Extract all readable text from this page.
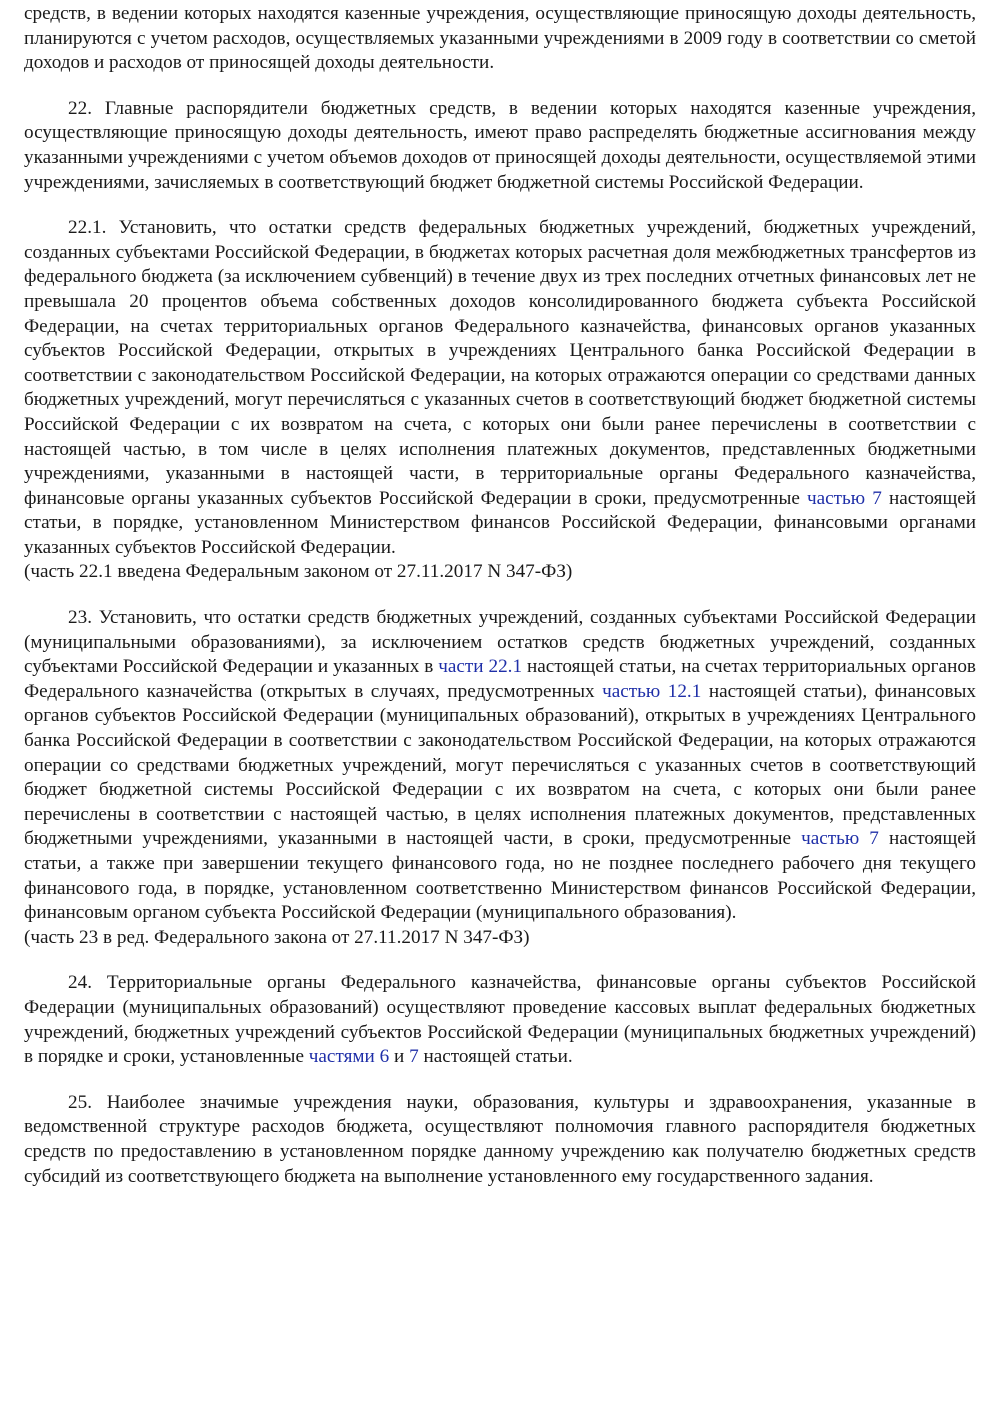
средств, в ведении которых находятся казенные учреждения, осуществляющие приносящую доходы деятельность, планируются с учетом расходов, осуществляемых указанными учреждениями в 2009 году в соответствии со сметой доходов и расходов от приносящей доходы деятельности.

22. Главные распорядители бюджетных средств, в ведении которых находятся казенные учреждения, осуществляющие приносящую доходы деятельность, имеют право распределять бюджетные ассигнования между указанными учреждениями с учетом объемов доходов от приносящей доходы деятельности, осуществляемой этими учреждениями, зачисляемых в соответствующий бюджет бюджетной системы Российской Федерации.

22.1. Установить, что остатки средств федеральных бюджетных учреждений, бюджетных учреждений, созданных субъектами Российской Федерации, в бюджетах которых расчетная доля межбюджетных трансфертов из федерального бюджета (за исключением субвенций) в течение двух из трех последних отчетных финансовых лет не превышала 20 процентов объема собственных доходов консолидированного бюджета субъекта Российской Федерации, на счетах территориальных органов Федерального казначейства, финансовых органов указанных субъектов Российской Федерации, открытых в учреждениях Центрального банка Российской Федерации в соответствии с законодательством Российской Федерации, на которых отражаются операции со средствами данных бюджетных учреждений, могут перечисляться с указанных счетов в соответствующий бюджет бюджетной системы Российской Федерации с их возвратом на счета, с которых они были ранее перечислены в соответствии с настоящей частью, в том числе в целях исполнения платежных документов, представленных бюджетными учреждениями, указанными в настоящей части, в территориальные органы Федерального казначейства, финансовые органы указанных субъектов Российской Федерации в сроки, предусмотренные частью 7 настоящей статьи, в порядке, установленном Министерством финансов Российской Федерации, финансовыми органами указанных субъектов Российской Федерации.

(часть 22.1 введена Федеральным законом от 27.11.2017 N 347-ФЗ)

23. Установить, что остатки средств бюджетных учреждений, созданных субъектами Российской Федерации (муниципальными образованиями), за исключением остатков средств бюджетных учреждений, созданных субъектами Российской Федерации и указанных в части 22.1 настоящей статьи, на счетах территориальных органов Федерального казначейства (открытых в случаях, предусмотренных частью 12.1 настоящей статьи), финансовых органов субъектов Российской Федерации (муниципальных образований), открытых в учреждениях Центрального банка Российской Федерации в соответствии с законодательством Российской Федерации, на которых отражаются операции со средствами бюджетных учреждений, могут перечисляться с указанных счетов в соответствующий бюджет бюджетной системы Российской Федерации с их возвратом на счета, с которых они были ранее перечислены в соответствии с настоящей частью, в целях исполнения платежных документов, представленных бюджетными учреждениями, указанными в настоящей части, в сроки, предусмотренные частью 7 настоящей статьи, а также при завершении текущего финансового года, но не позднее последнего рабочего дня текущего финансового года, в порядке, установленном соответственно Министерством финансов Российской Федерации, финансовым органом субъекта Российской Федерации (муниципального образования).

(часть 23 в ред. Федерального закона от 27.11.2017 N 347-ФЗ)

24. Территориальные органы Федерального казначейства, финансовые органы субъектов Российской Федерации (муниципальных образований) осуществляют проведение кассовых выплат федеральных бюджетных учреждений, бюджетных учреждений субъектов Российской Федерации (муниципальных бюджетных учреждений) в порядке и сроки, установленные частями 6 и 7 настоящей статьи.

25. Наиболее значимые учреждения науки, образования, культуры и здравоохранения, указанные в ведомственной структуре расходов бюджета, осуществляют полномочия главного распорядителя бюджетных средств по предоставлению в установленном порядке данному учреждению как получателю бюджетных средств субсидий из соответствующего бюджета на выполнение установленного ему государственного задания.
